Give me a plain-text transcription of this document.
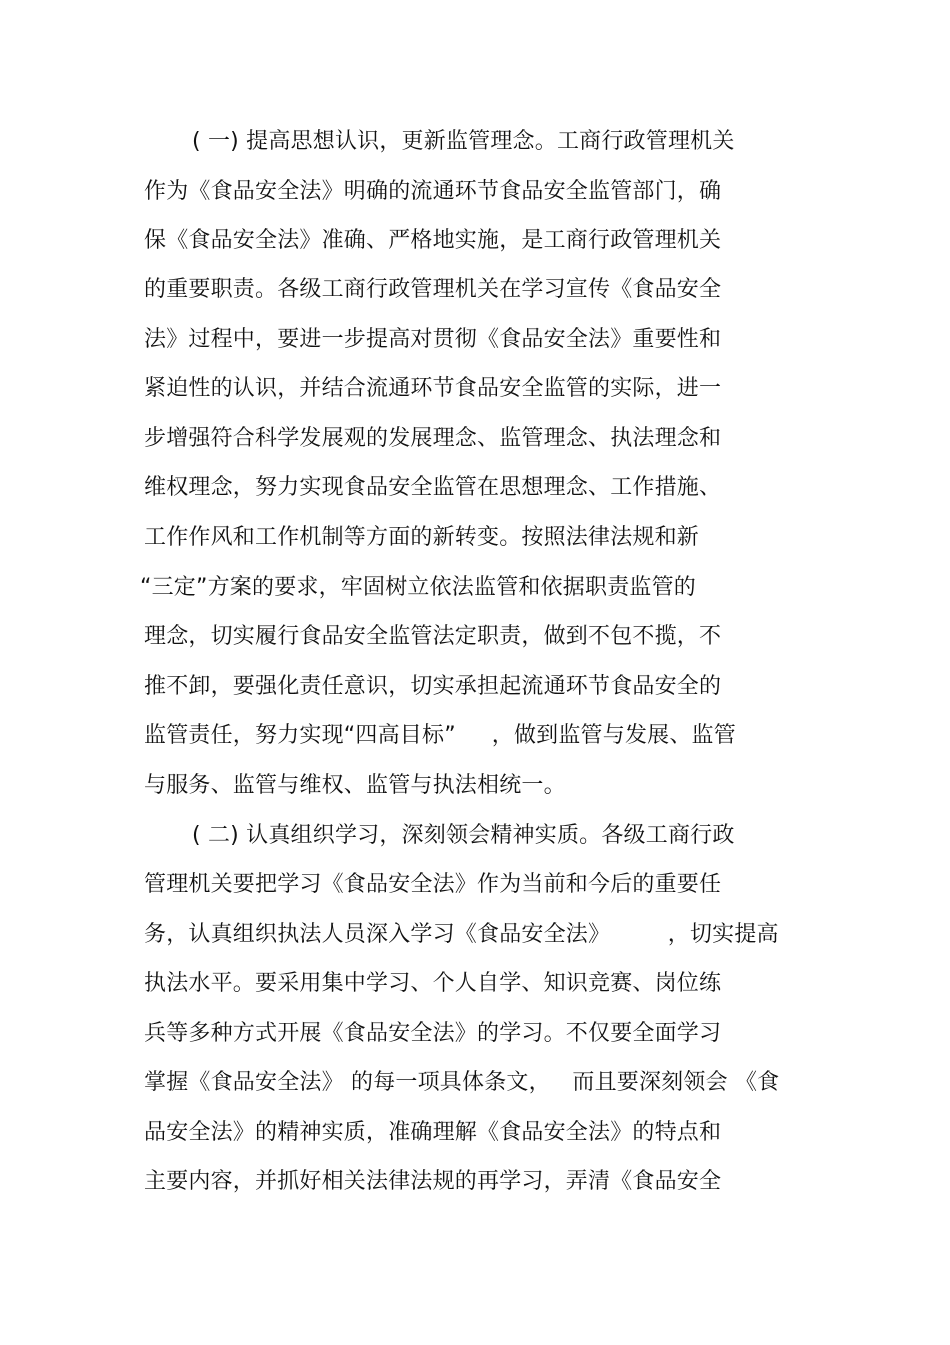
( 一) 提高思想认识，更新监管理念。工商行政管理机关
作为《食品安全法》明确的流通环节食品安全监管部门，确
保《食品安全法》准确、严格地实施，是工商行政管理机关
的重要职责。各级工商行政管理机关在学习宣传《食品安全
法》过程中，要进一步提高对贯彻《食品安全法》重要性和
紧迫性的认识，并结合流通环节食品安全监管的实际，进一
步增强符合科学发展观的发展理念、监管理念、执法理念和
维权理念，努力实现食品安全监管在思想理念、工作措施、
工作作风和工作机制等方面的新转变。按照法律法规和新
“三定”方案的要求，牢固树立依法监管和依据职责监管的
理念，切实履行食品安全监管法定职责，做到不包不揽，不
推不卸，要强化责任意识，切实承担起流通环节食品安全的
监管责任，努力实现“四高目标”     ，做到监管与发展、监管
与服务、监管与维权、监管与执法相统一。
( 二) 认真组织学习，深刻领会精神实质。各级工商行政
管理机关要把学习《食品安全法》作为当前和今后的重要任
务，认真组织执法人员深入学习《食品安全法》        ，切实提高
执法水平。要采用集中学习、个人自学、知识竞赛、岗位练
兵等多种方式开展《食品安全法》的学习。不仅要全面学习
掌握《食品安全法》 的每一项具体条文，   而且要深刻领会 《食
品安全法》的精神实质，准确理解《食品安全法》的特点和
主要内容，并抓好相关法律法规的再学习，弄清《食品安全
